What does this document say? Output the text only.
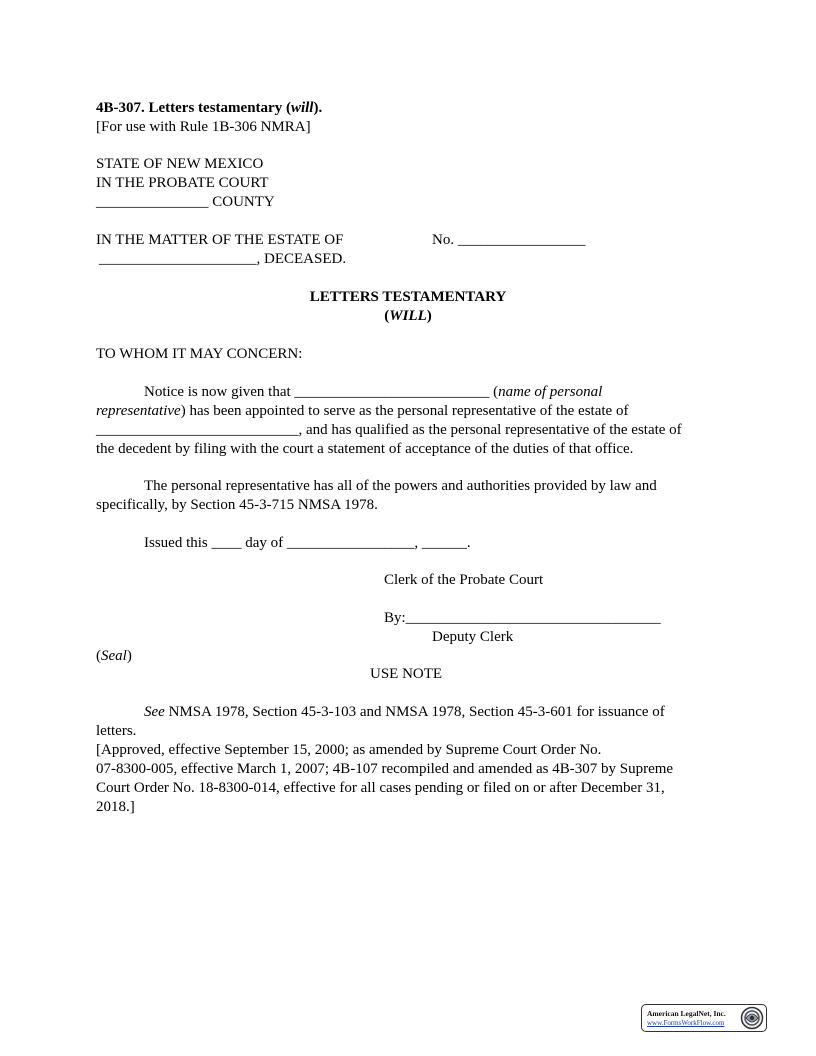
4B-307. Letters testamentary (will).
[For use with Rule 1B-306 NMRA]
STATE OF NEW MEXICO
IN THE PROBATE COURT
_______________ COUNTY
IN THE MATTER OF THE ESTATE OF	No. _________________
_____________________, DECEASED.
LETTERS TESTAMENTARY
(WILL)
TO WHOM IT MAY CONCERN:
Notice is now given that __________________________ (name of personal
representative) has been appointed to serve as the personal representative of the estate of
___________________________, and has qualified as the personal representative of the estate of
the decedent by filing with the court a statement of acceptance of the duties of that office.
The personal representative has all of the powers and authorities provided by law and
specifically, by Section 45-3-715 NMSA 1978.
Issued this ____ day of _________________, ______.
Clerk of the Probate Court
By:__________________________________
Deputy Clerk
(Seal)
USE NOTE
See NMSA 1978, Section 45-3-103 and NMSA 1978, Section 45-3-601 for issuance of
letters.
[Approved, effective September 15, 2000; as amended by Supreme Court Order No.
07-8300-005, effective March 1, 2007; 4B-107 recompiled and amended as 4B-307 by Supreme
Court Order No. 18-8300-014, effective for all cases pending or filed on or after December 31,
2018.]
American LegalNet, Inc.
www.FormsWorkFlow.com
